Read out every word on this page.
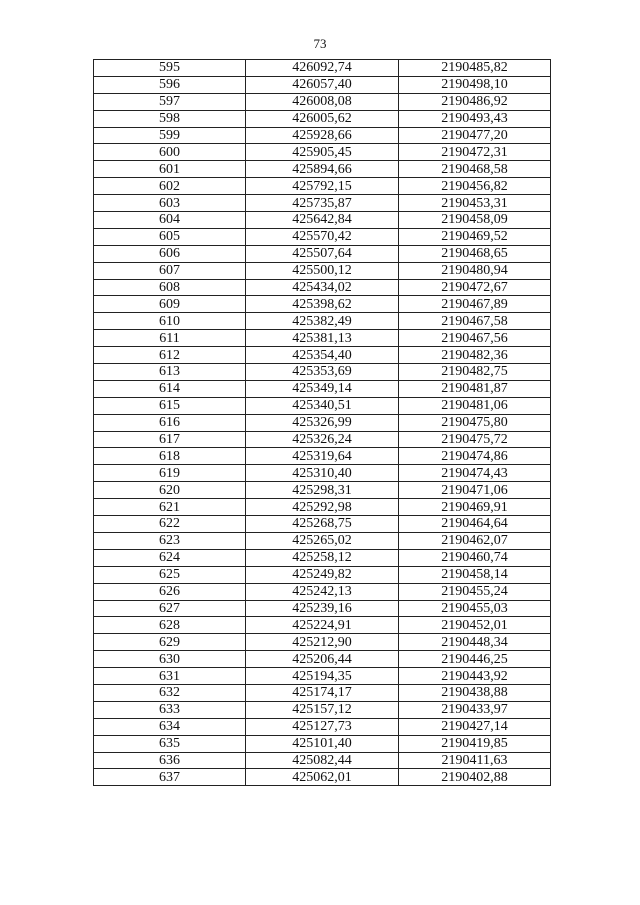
73
595	426092,74	2190485,82
596	426057,40	2190498,10
597	426008,08	2190486,92
598	426005,62	2190493,43
599	425928,66	2190477,20
600	425905,45	2190472,31
601	425894,66	2190468,58
602	425792,15	2190456,82
603	425735,87	2190453,31
604	425642,84	2190458,09
605	425570,42	2190469,52
606	425507,64	2190468,65
607	425500,12	2190480,94
608	425434,02	2190472,67
609	425398,62	2190467,89
610	425382,49	2190467,58
611	425381,13	2190467,56
612	425354,40	2190482,36
613	425353,69	2190482,75
614	425349,14	2190481,87
615	425340,51	2190481,06
616	425326,99	2190475,80
617	425326,24	2190475,72
618	425319,64	2190474,86
619	425310,40	2190474,43
620	425298,31	2190471,06
621	425292,98	2190469,91
622	425268,75	2190464,64
623	425265,02	2190462,07
624	425258,12	2190460,74
625	425249,82	2190458,14
626	425242,13	2190455,24
627	425239,16	2190455,03
628	425224,91	2190452,01
629	425212,90	2190448,34
630	425206,44	2190446,25
631	425194,35	2190443,92
632	425174,17	2190438,88
633	425157,12	2190433,97
634	425127,73	2190427,14
635	425101,40	2190419,85
636	425082,44	2190411,63
637	425062,01	2190402,88
